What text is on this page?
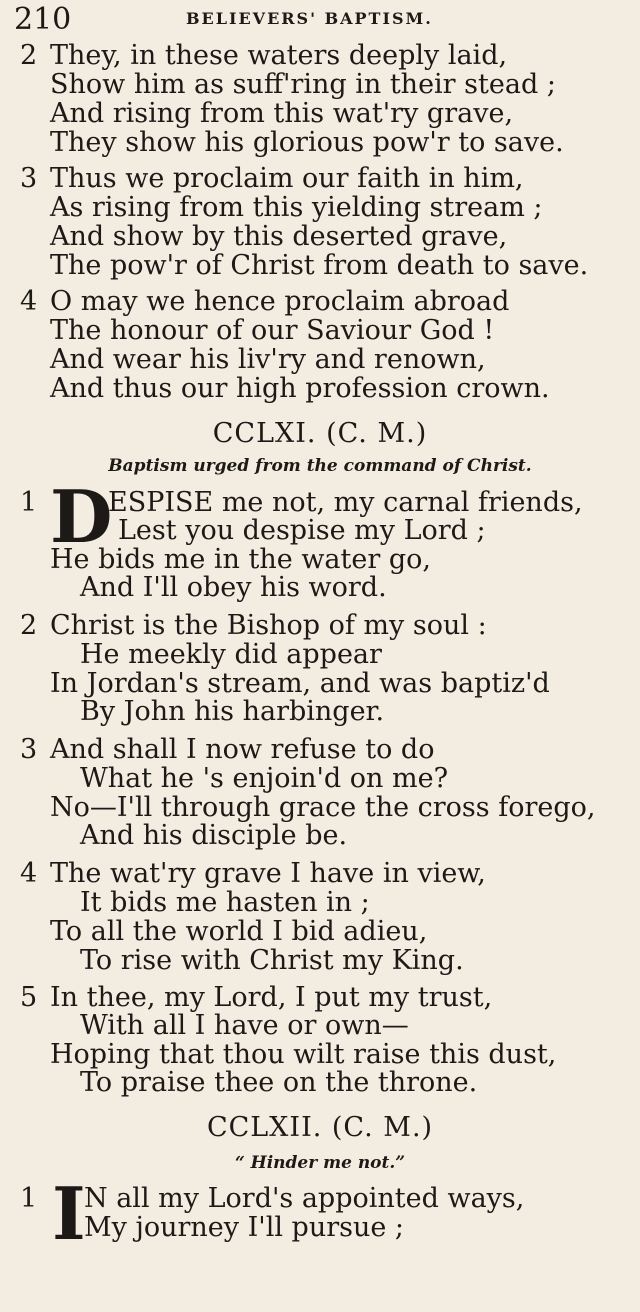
210	BELIEVERS' BAPTISM.
2 They, in these waters deeply laid,
Show him as suff'ring in their stead ;
And rising from this wat'ry grave,
They show his glorious pow'r to save.
3 Thus we proclaim our faith in him,
As rising from this yielding stream ;
And show by this deserted grave,
The pow'r of Christ from death to save.
4 O may we hence proclaim abroad
The honour of our Saviour God !
And wear his liv'ry and renown,
And thus our high profession crown.
CCLXI. (C. M.)
Baptism urged from the command of Christ.
1 D
ESPISE me not, my carnal friends,
Lest you despise my Lord ;
He bids me in the water go,
And I'll obey his word.
2 Christ is the Bishop of my soul :
He meekly did appear
In Jordan's stream, and was baptiz'd
By John his harbinger.
3 And shall I now refuse to do
What he 's enjoin'd on me?
No—I'll through grace the cross forego,
And his disciple be.
4 The wat'ry grave I have in view,
It bids me hasten in ;
To all the world I bid adieu,
To rise with Christ my King.
5 In thee, my Lord, I put my trust,
With all I have or own—
Hoping that thou wilt raise this dust,
To praise thee on the throne.
CCLXII. (C. M.)
“ Hinder me not.”
1 I
N all my Lord's appointed ways,
My journey I'll pursue ;
